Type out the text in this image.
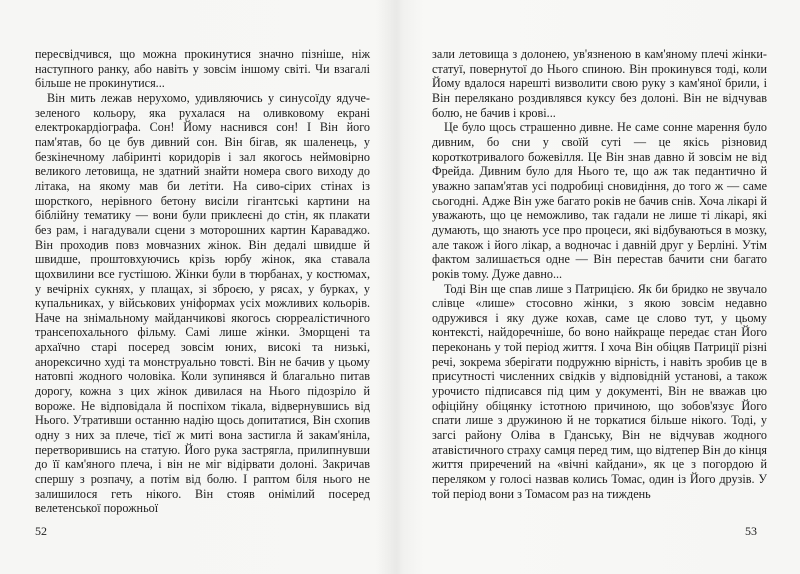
пересвідчився, що можна прокинутися значно пізніше, ніж наступного ранку, або навіть у зовсім іншому світі. Чи взагалі більше не прокинутися...

Він мить лежав нерухомо, удивляючись у синусоїду ядуче-зеленого кольору, яка рухалася на оливковому екрані електрокардіографа. Сон! Йому наснився сон! І Він його пам'ятав, бо це був дивний сон. Він бігав, як шаленець, у безкінечному лабіринті коридорів і зал якогось неймовірно великого летовища, не здатний знайти номера свого виходу до літака, на якому мав би летіти. На сиво-сірих стінах із шорсткого, нерівного бетону висіли гігантські картини на біблійну тематику — вони були приклеєні до стін, як плакати без рам, і нагадували сцени з моторошних картин Караваджо. Він проходив повз мовчазних жінок. Він дедалі швидше й швидше, проштовхуючись крізь юрбу жінок, яка ставала щохвилини все густішою. Жінки були в тюрбанах, у костюмах, у вечірніх сукнях, у плащах, зі зброєю, у рясах, у бурках, у купальниках, у військових уніформах усіх можливих кольорів. Наче на знімальному майданчикові якогось сюрреалістичного трансепохального фільму. Самі лише жінки. Зморщені та архаїчно старі посеред зовсім юних, високі та низькі, анорексично худі та монструально товсті. Він не бачив у цьому натовпі жодного чоловіка. Коли зупинявся й благально питав дорогу, кожна з цих жінок дивилася на Нього підозріло й вороже. Не відповідала й поспіхом тікала, відвернувшись від Нього. Утративши останню надію щось допитатися, Він схопив одну з них за плече, тієї ж миті вона застигла й закам'яніла, перетворившись на статую. Його рука застрягла, прилипнувши до її кам'яного плеча, і він не міг відірвати долоні. Закричав спершу з розпачу, а потім від болю. І раптом біля нього не залишилося геть нікого. Він стояв онімілий посеред велетенської порожньої

52

зали летовища з долонею, ув'язненою в кам'яному плечі жінки-статуї, повернутої до Нього спиною. Він прокинувся тоді, коли Йому вдалося нарешті визволити свою руку з кам'яної брили, і Він перелякано роздивлявся куксу без долоні. Він не відчував болю, не бачив і крові...

Це було щось страшенно дивне. Не саме сонне марення було дивним, бо сни у своїй суті — це якісь різновид короткотривалого божевілля. Це Він знав давно й зовсім не від Фрейда. Дивним було для Нього те, що аж так педантично й уважно запам'ятав усі подробиці сновидіння, до того ж — саме сьогодні. Адже Він уже багато років не бачив снів. Хоча лікарі й уважають, що це неможливо, так гадали не лише ті лікарі, які думають, що знають усе про процеси, які відбуваються в мозку, але також і його лікар, а водночас і давній друг у Берліні. Утім фактом залишається одне — Він перестав бачити сни багато років тому. Дуже давно...

Тоді Він ще спав лише з Патрицією. Як би бридко не звучало слівце «лише» стосовно жінки, з якою зовсім недавно одружився і яку дуже кохав, саме це слово тут, у цьому контексті, найдоречніше, бо воно найкраще передає стан Його переконань у той період життя. І хоча Він обіцяв Патриції різні речі, зокрема зберігати подружню вірність, і навіть зробив це в присутності численних свідків у відповідній установі, а також урочисто підписався під цим у документі, Він не вважав цю офіційну обіцянку істотною причиною, що зобов'язує Його спати лише з дружиною й не торкатися більше нікого. Тоді, у загсі району Оліва в Гданську, Він не відчував жодного атавістичного страху самця перед тим, що відтепер Він до кінця життя приречений на «вічні кайдани», як це з погордою й переляком у голосі назвав колись Томас, один із Його друзів. У той період вони з Томасом раз на тиждень

53
